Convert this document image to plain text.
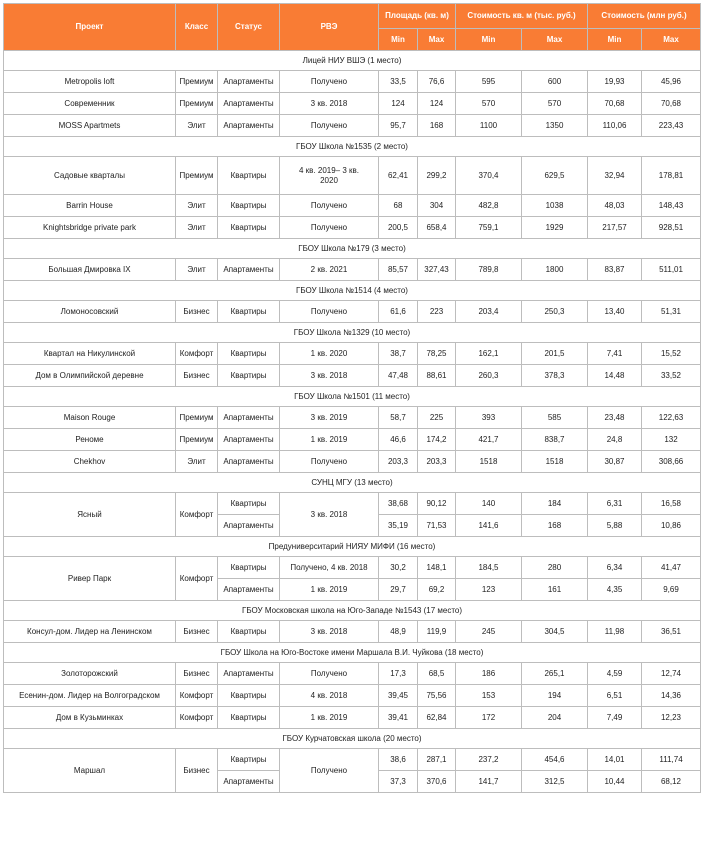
Проект	Класс	Статус	РВЭ	Площадь (кв. м)		Стоимость кв. м (тыс. руб.)		Стоимость (млн руб.)	
				Min	Max	Min	Max	Min	Max
Лицей НИУ ВШЭ (1 место)									
Metropolis loft	Премиум	Апартаменты	Получено	33,5	76,6	595	600	19,93	45,96
Современник	Премиум	Апартаменты	3 кв. 2018	124	124	570	570	70,68	70,68
MOSS Apartmets	Элит	Апартаменты	Получено	95,7	168	1100	1350	110,06	223,43
ГБОУ Школа №1535 (2 место)									
Садовые кварталы	Премиум	Квартиры	4 кв. 2019– 3 кв. 2020	62,41	299,2	370,4	629,5	32,94	178,81
Barrin House	Элит	Квартиры	Получено	68	304	482,8	1038	48,03	148,43
Knightsbridge private park	Элит	Квартиры	Получено	200,5	658,4	759,1	1929	217,57	928,51
ГБОУ Школа №179 (3 место)									
Большая Дмировка IX	Элит	Апартаменты	2 кв. 2021	85,57	327,43	789,8	1800	83,87	511,01
ГБОУ Школа №1514 (4 место)									
Ломоносовский	Бизнес	Квартиры	Получено	61,6	223	203,4	250,3	13,40	51,31
ГБОУ Школа №1329 (10 место)									
Квартал на Никулинской	Комфорт	Квартиры	1 кв. 2020	38,7	78,25	162,1	201,5	7,41	15,52
Дом в Олимпийской деревне	Бизнес	Квартиры	3 кв. 2018	47,48	88,61	260,3	378,3	14,48	33,52
ГБОУ Школа №1501 (11 место)									
Maison Rouge	Премиум	Апартаменты	3 кв. 2019	58,7	225	393	585	23,48	122,63
Реноме	Премиум	Апартаменты	1 кв. 2019	46,6	174,2	421,7	838,7	24,8	132
Chekhov	Элит	Апартаменты	Получено	203,3	203,3	1518	1518	30,87	308,66
СУНЦ МГУ (13 место)									
Ясный	Комфорт	Квартиры	3 кв. 2018	38,68	90,12	140	184	6,31	16,58
		Апартаменты		35,19	71,53	141,6	168	5,88	10,86
Предуниверситарий НИЯУ МИФИ (16 место)									
Ривер Парк	Комфорт	Квартиры	Получено, 4 кв. 2018	30,2	148,1	184,5	280	6,34	41,47
		Апартаменты	1 кв. 2019	29,7	69,2	123	161	4,35	9,69
ГБОУ Московская школа на Юго-Западе №1543 (17 место)									
Консул-дом. Лидер на Ленинском	Бизнес	Квартиры	3 кв. 2018	48,9	119,9	245	304,5	11,98	36,51
ГБОУ Школа на Юго-Востоке имени Маршала В.И. Чуйкова (18 место)									
Золоторожский	Бизнес	Апартаменты	Получено	17,3	68,5	186	265,1	4,59	12,74
Есенин-дом. Лидер на Волгоградском	Комфорт	Квартиры	4 кв. 2018	39,45	75,56	153	194	6,51	14,36
Дом в Кузьминках	Комфорт	Квартиры	1 кв. 2019	39,41	62,84	172	204	7,49	12,23
ГБОУ Курчатовская школа (20 место)									
Маршал	Бизнес	Квартиры	Получено	38,6	287,1	237,2	454,6	14,01	111,74
		Апартаменты		37,3	370,6	141,7	312,5	10,44	68,12
